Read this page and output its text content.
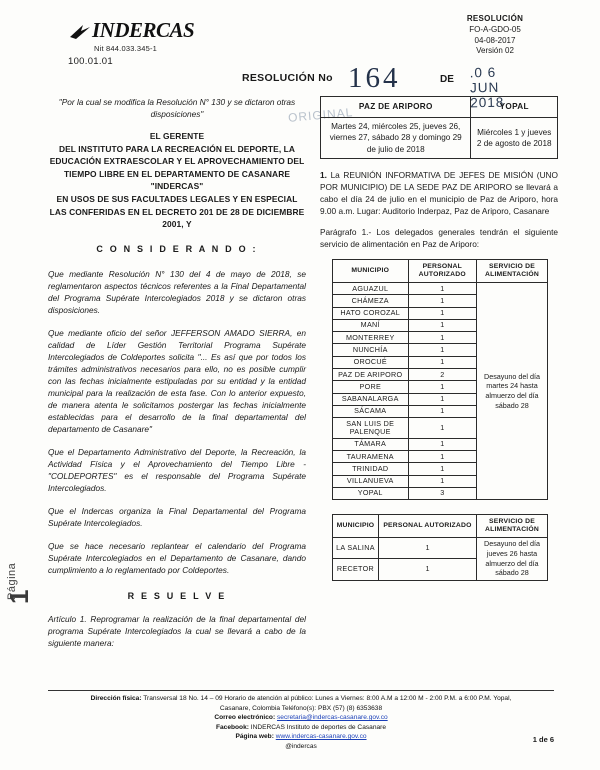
INDERCAS
Nit 844.033.345-1
100.01.01
RESOLUCIÓN
FO-A-GDO-05
04-08-2017
Versión 02
ORIGINAL
RESOLUCIÓN No 164	DE .0 6 JUN 2018
"Por la cual se modifica la Resolución N° 130 y se dictaron otras disposiciones"
EL GERENTE
DEL INSTITUTO PARA LA RECREACIÓN EL DEPORTE, LA EDUCACIÓN EXTRAESCOLAR Y EL APROVECHAMIENTO DEL TIEMPO LIBRE EN EL DEPARTAMENTO DE CASANARE "INDERCAS"
EN USOS DE SUS FACULTADES LEGALES Y EN ESPECIAL LAS CONFERIDAS EN EL DECRETO 201 DE 28 DE DICIEMBRE 2001, Y
C O N S I D E R A N D O :
Que mediante Resolución N° 130 del 4 de mayo de 2018, se reglamentaron aspectos técnicos referentes a la Final Departamental del Programa Supérate Intercolegiados 2018 y se dictaron otras disposiciones.
Que mediante oficio del señor JEFFERSON AMADO SIERRA, en calidad de Líder Gestión Territorial Programa Supérate Intercolegiados de Coldeportes solicita "... Es así que por todos los trámites administrativos necesarios para ello, no es posible cumplir con las fechas inicialmente estipuladas por su entidad y la entidad municipal para la realización de esta fase. Con lo anterior expuesto, de manera atenta le solicitamos postergar las fechas inicialmente establecidas para el desarrollo de la final departamental del departamento de Casanare"
Que el Departamento Administrativo del Deporte, la Recreación, la Actividad Física y el Aprovechamiento del Tiempo Libre - "COLDEPORTES" es el responsable del Programa Supérate Intercolegiados.
Que el Indercas organiza la Final Departamental del Programa Supérate Intercolegiados.
Que se hace necesario replantear el calendario del Programa Supérate Intercolegiados en el Departamento de Casanare, dando cumplimiento a lo reglamentado por Coldeportes.
R E S U E L V E
Artículo 1. Reprogramar la realización de la final departamental del programa Supérate Intercolegiados la cual se llevará a cabo de la siguiente manera:
PAZ DE ARIPORO	YOPAL
Martes 24, miércoles 25, jueves 26, viernes 27, sábado 28 y domingo 29 de julio de 2018	Miércoles 1 y jueves 2 de agosto de 2018
1. La REUNIÓN INFORMATIVA DE JEFES DE MISIÓN (UNO POR MUNICIPIO) DE LA SEDE PAZ DE ARIPORO se llevará a cabo el día 24 de julio en el municipio de Paz de Ariporo, hora 9.00 a.m. Lugar: Auditorio Inderpaz, Paz de Ariporo, Casanare
Parágrafo 1.- Los delegados generales tendrán el siguiente servicio de alimentación en Paz de Ariporo:
MUNICIPIO	PERSONAL AUTORIZADO	SERVICIO DE ALIMENTACIÓN
AGUAZUL	1	Desayuno del día martes 24 hasta almuerzo del día sábado 28
CHÁMEZA	1	
HATO COROZAL	1	
MANÍ	1	
MONTERREY	1	
NUNCHÍA	1	
OROCUÉ	1	
PAZ DE ARIPORO	2	
PORE	1	
SABANALARGA	1	
SÁCAMA	1	
SAN LUIS DE PALENQUE	1	
TÁMARA	1	
TAURAMENA	1	
TRINIDAD	1	
VILLANUEVA	1	
YOPAL	3	
MUNICIPIO	PERSONAL AUTORIZADO	SERVICIO DE ALIMENTACIÓN
LA SALINA	1	Desayuno del día jueves 26 hasta almuerzo del día sábado 28
RECETOR	1	
Página
1
Dirección física: Transversal 18 No. 14 – 09 Horario de atención al público: Lunes a Viernes: 8:00 A.M a 12:00 M - 2:00 P.M. a 6:00 P.M. Yopal,
Casanare, Colombia Teléfono(s): PBX (57) (8) 6353638
Correo electrónico: secretaria@indercas-casanare.gov.co
Facebook: INDERCAS Instituto de deportes de Casanare
Página web: www.indercas-casanare.gov.co
@indercas
1 de 6
